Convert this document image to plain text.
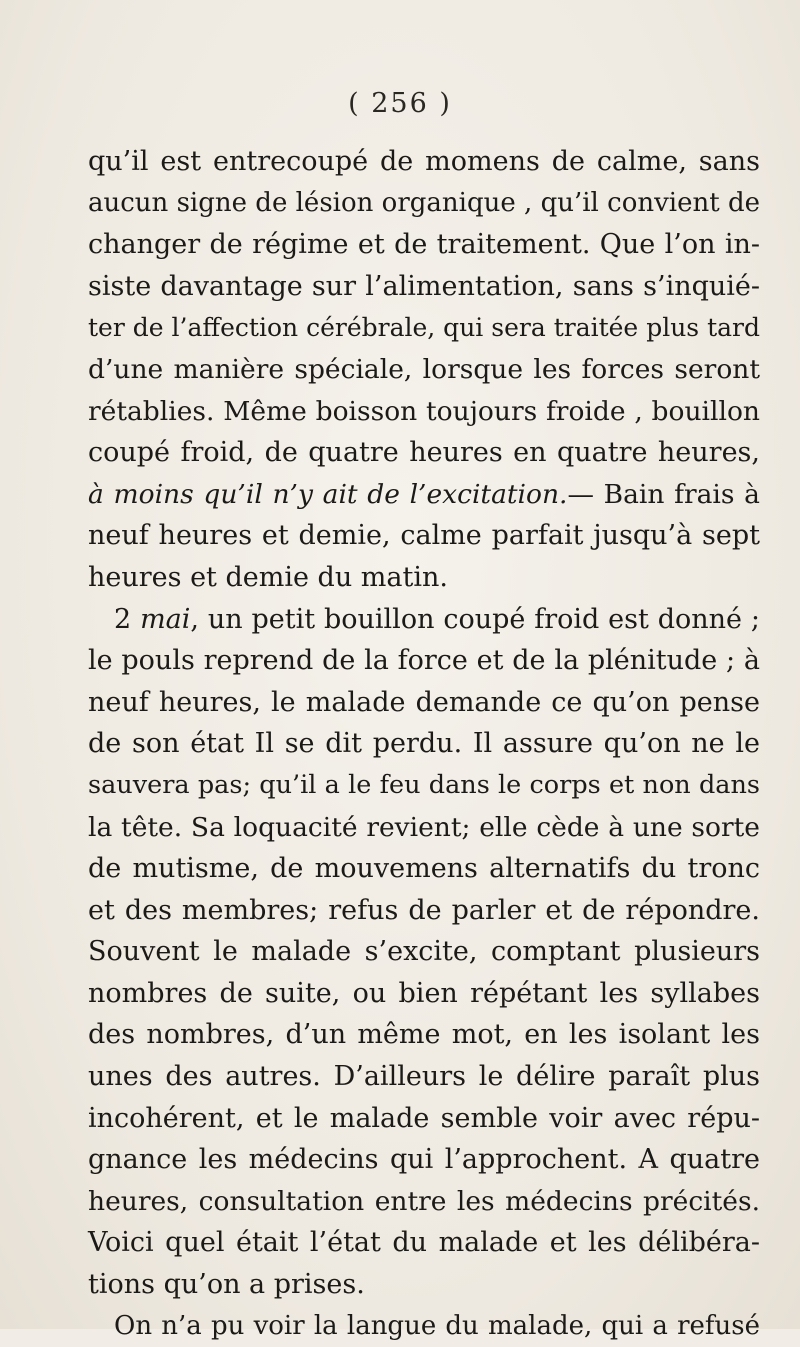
( 256 )
qu’il est entrecoupé de momens de calme, sans
aucun signe de lésion organique , qu’il convient de
changer de régime et de traitement. Que l’on in-
siste davantage sur l’alimentation, sans s’inquié-
ter de l’affection cérébrale, qui sera traitée plus tard
d’une manière spéciale, lorsque les forces seront
rétablies. Même boisson toujours froide , bouillon
coupé froid, de quatre heures en quatre heures,
à moins qu’il n’y ait de l’excitation.— Bain frais à
neuf heures et demie, calme parfait jusqu’à sept
heures et demie du matin.
2 mai, un petit bouillon coupé froid est donné ;
le pouls reprend de la force et de la plénitude ; à
neuf heures, le malade demande ce qu’on pense
de son état Il se dit perdu. Il assure qu’on ne le
sauvera pas; qu’il a le feu dans le corps et non dans
la tête. Sa loquacité revient; elle cède à une sorte
de mutisme, de mouvemens alternatifs du tronc
et des membres; refus de parler et de répondre.
Souvent le malade s’excite, comptant plusieurs
nombres de suite, ou bien répétant les syllabes
des nombres, d’un même mot, en les isolant les
unes des autres. D’ailleurs le délire paraît plus
incohérent, et le malade semble voir avec répu-
gnance les médecins qui l’approchent. A quatre
heures, consultation entre les médecins précités.
Voici quel était l’état du malade et les délibéra-
tions qu’on a prises.
On n’a pu voir la langue du malade, qui a refusé
